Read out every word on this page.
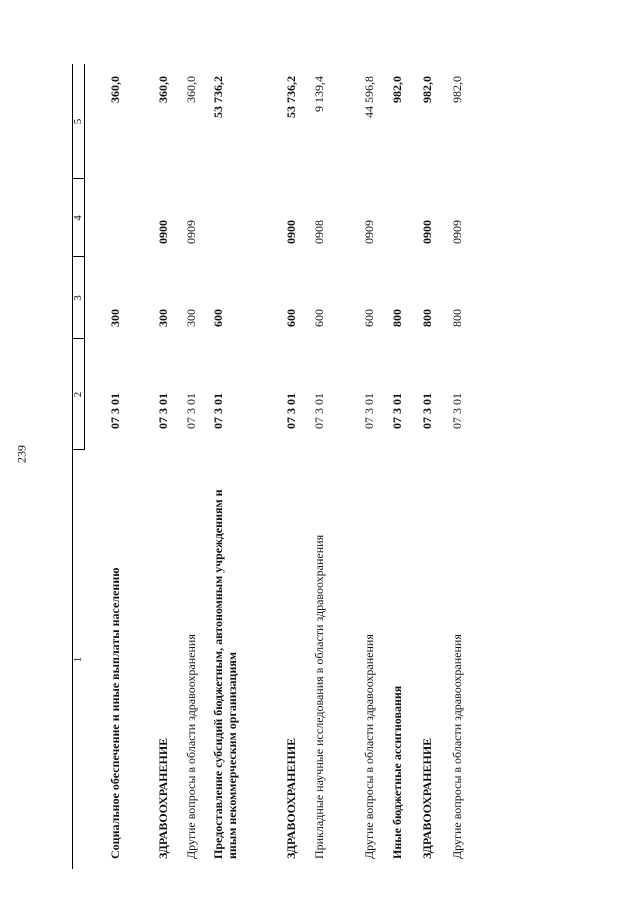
239
1
2
3
4
5
Социальное обеспечение и иные выплаты населению
07 3 01
300
360,0
ЗДРАВООХРАНЕНИЕ
07 3 01
300
0900
360,0
Другие вопросы в области здравоохранения
07 3 01
300
0909
360,0
Предоставление субсидий бюджетным, автономным учреждениям и иным некоммерческим организациям
07 3 01
600
53 736,2
ЗДРАВООХРАНЕНИЕ
07 3 01
600
0900
53 736,2
Прикладные научные исследования в области здравоохранения
07 3 01
600
0908
9 139,4
Другие вопросы в области здравоохранения
07 3 01
600
0909
44 596,8
Иные бюджетные ассигнования
07 3 01
800
982,0
ЗДРАВООХРАНЕНИЕ
07 3 01
800
0900
982,0
Другие вопросы в области здравоохранения
07 3 01
800
0909
982,0
